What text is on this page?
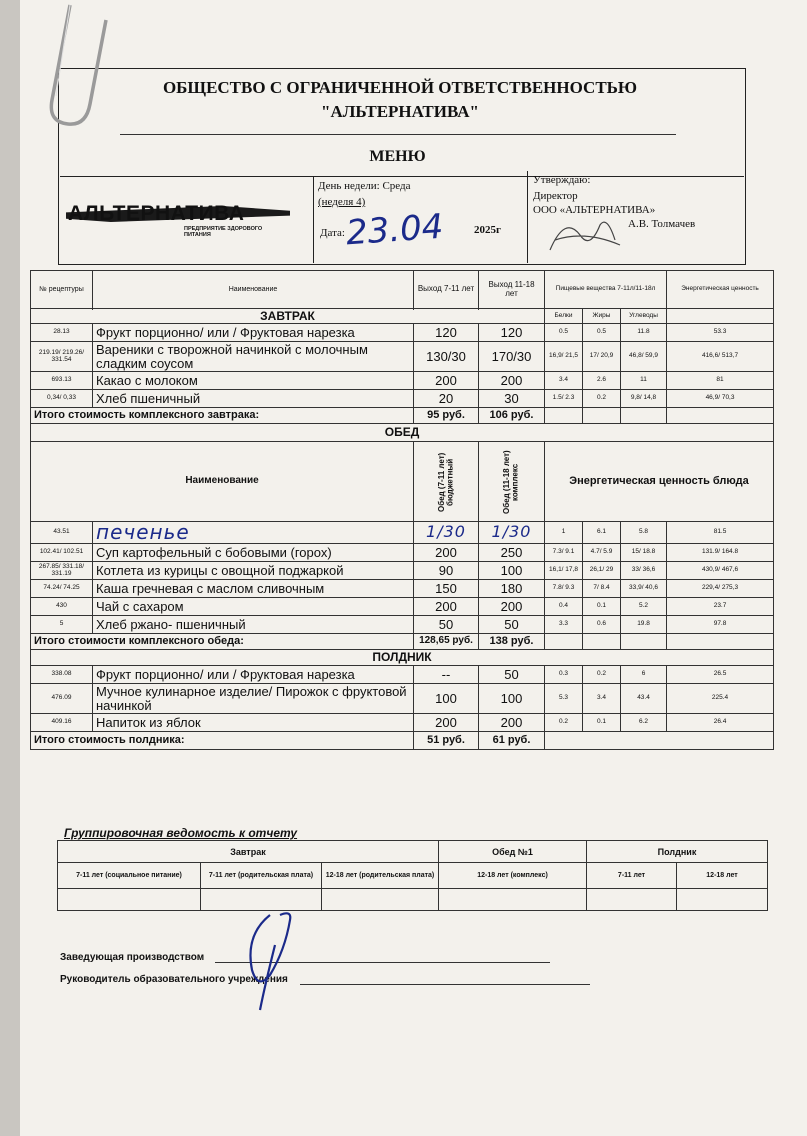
ОБЩЕСТВО С ОГРАНИЧЕННОЙ ОТВЕТСТВЕННОСТЬЮ
"АЛЬТЕРНАТИВА"
МЕНЮ
АЛЬТЕРНАТИВА
ПРЕДПРИЯТИЕ ЗДОРОВОГО ПИТАНИЯ
День недели: Среда
(неделя 4)
Дата: 23.04	2025г
Утверждаю:
Директор
ООО «АЛЬТЕРНАТИВА»
А.В. Толмачев
№ рецептуры	Наименование	Выход 7-11 лет	Выход 11-18 лет	Пищевые вещества 7-11л/11-18л			Энергетическая ценность

ЗАВТРАК				Белки	Жиры	Углеводы	
28.13	Фрукт порционно/ или / Фруктовая нарезка	120	120	0.5	0.5	11.8	53.3
219.19/ 219.26/ 331.54	Вареники с творожной начинкой с молочным сладким соусом	130/30	170/30	16,9/ 21,5	17/ 20,9	46,8/ 59,9	416,6/ 513,7
693.13	Какао с молоком	200	200	3.4	2.6	11	81
0,34/ 0,33	Хлеб пшеничный	20	30	1.5/ 2.3	0.2	9,8/ 14,8	46,9/ 70,3
Итого стоимость комплексного завтрака:		95 руб.	106 руб.				
ОБЕД							
Наименование		Обед (7-11 лет) бюджетный	Обед (11-18 лет) комплекс	Энергетическая ценность блюда			
43.51	печенье	1/30	1/30	1	6.1	5.8	81.5
102.41/ 102.51	Суп картофельный с бобовыми (горох)	200	250	7.3/ 9.1	4.7/ 5.9	15/ 18.8	131.9/ 164.8
267.85/ 331.18/ 331.19	Котлета из курицы с овощной поджаркой	90	100	16,1/ 17,8	26,1/ 29	33/ 36,6	430,9/ 467,6
74.24/ 74.25	Каша гречневая с маслом сливочным	150	180	7.8/ 9.3	7/ 8.4	33,9/ 40,6	229,4/ 275,3
430	Чай с сахаром	200	200	0.4	0.1	5.2	23.7
5	Хлеб ржано- пшеничный	50	50	3.3	0.6	19.8	97.8
Итого стоимости комплексного обеда:		128,65 руб.	138 руб.				
ПОЛДНИК							
338.08	Фрукт порционно/ или / Фруктовая нарезка	--	50	0.3	0.2	6	26.5
476.09	Мучное кулинарное изделие/ Пирожок с фруктовой начинкой	100	100	5.3	3.4	43.4	225.4
409.16	Напиток из яблок	200	200	0.2	0.1	6.2	26.4
Итого стоимость полдника:		51 руб.	61 руб.				
Группировочная ведомость к отчету
Завтрак			Обед №1	Полдник	
7-11 лет (социальное питание)	7-11 лет (родительская плата)	12-18 лет (родительская плата)	12-18 лет (комплекс)	7-11 лет	12-18 лет

Заведующая производством
Руководитель образовательного учреждения
